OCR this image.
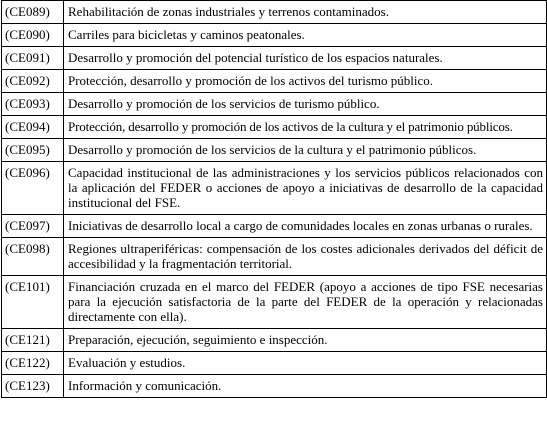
(CE089)	Rehabilitación de zonas industriales y terrenos contaminados.
(CE090)	Carriles para bicicletas y caminos peatonales.
(CE091)	Desarrollo y promoción del potencial turístico de los espacios naturales.
(CE092)	Protección, desarrollo y promoción de los activos del turismo público.
(CE093)	Desarrollo y promoción de los servicios de turismo público.
(CE094)	Protección, desarrollo y promoción de los activos de la cultura y el patrimonio públicos.
(CE095)	Desarrollo y promoción de los servicios de la cultura y el patrimonio públicos.
(CE096)	Capacidad institucional de las administraciones y los servicios públicos relacionados con la aplicación del FEDER o acciones de apoyo a iniciativas de desarrollo de la capacidad institucional del FSE.
(CE097)	Iniciativas de desarrollo local a cargo de comunidades locales en zonas urbanas o rurales.
(CE098)	Regiones ultraperiféricas: compensación de los costes adicionales derivados del déficit de accesibilidad y la fragmentación territorial.
(CE101)	Financiación cruzada en el marco del FEDER (apoyo a acciones de tipo FSE necesarias para la ejecución satisfactoria de la parte del FEDER de la operación y relacionadas directamente con ella).
(CE121)	Preparación, ejecución, seguimiento e inspección.
(CE122)	Evaluación y estudios.
(CE123)	Información y comunicación.
